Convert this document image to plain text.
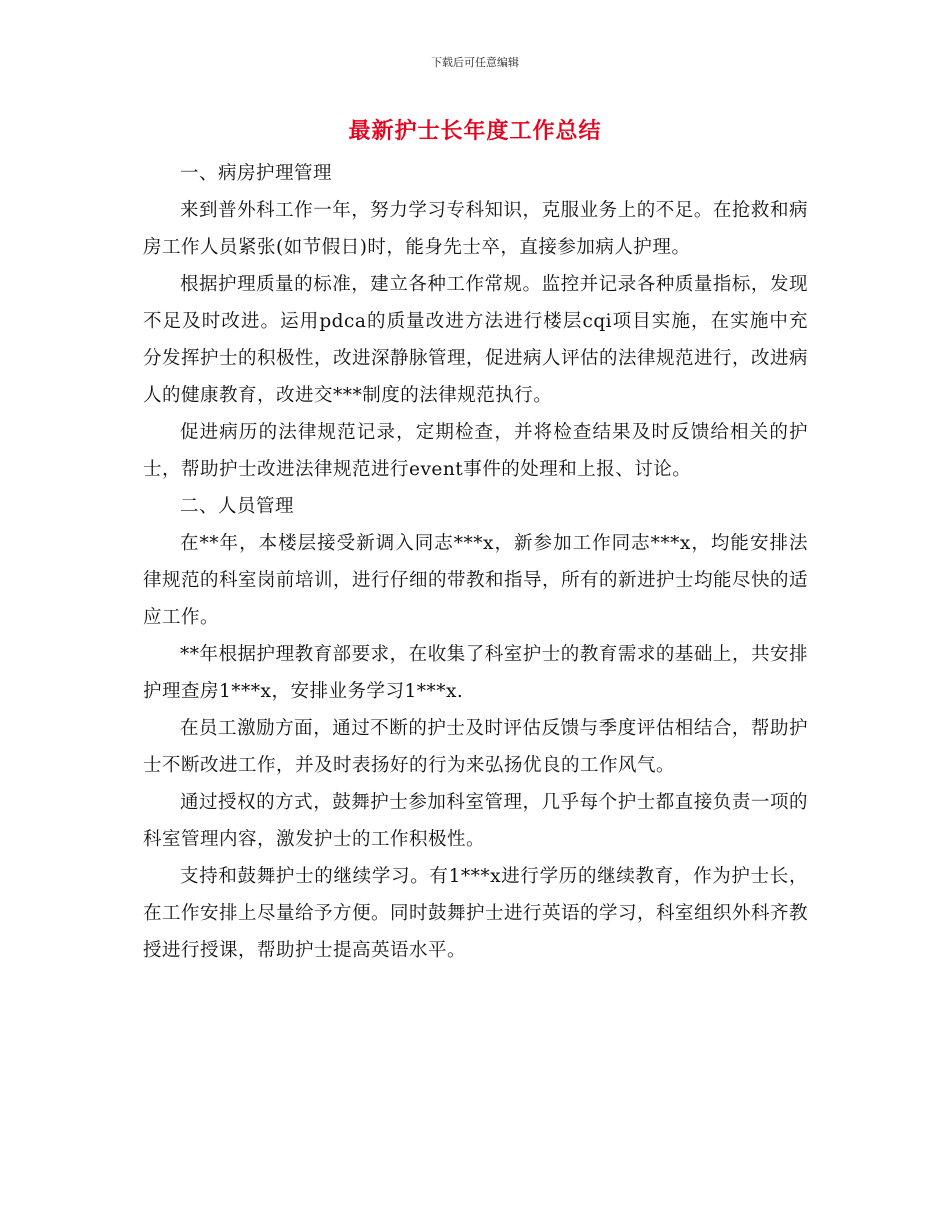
下载后可任意编辑
最新护士长年度工作总结

一、病房护理管理

来到普外科工作一年，努力学习专科知识，克服业务上的不足。在抢救和病房工作人员紧张(如节假日)时，能身先士卒，直接参加病人护理。

根据护理质量的标准，建立各种工作常规。监控并记录各种质量指标，发现不足及时改进。运用pdca的质量改进方法进行楼层cqi项目实施，在实施中充分发挥护士的积极性，改进深静脉管理，促进病人评估的法律规范进行，改进病人的健康教育，改进交***制度的法律规范执行。

促进病历的法律规范记录，定期检查，并将检查结果及时反馈给相关的护士，帮助护士改进法律规范进行event事件的处理和上报、讨论。

二、人员管理

在**年，本楼层接受新调入同志***x，新参加工作同志***x，均能安排法律规范的科室岗前培训，进行仔细的带教和指导，所有的新进护士均能尽快的适应工作。

**年根据护理教育部要求，在收集了科室护士的教育需求的基础上，共安排护理查房1***x，安排业务学习1***x.

在员工激励方面，通过不断的护士及时评估反馈与季度评估相结合，帮助护士不断改进工作，并及时表扬好的行为来弘扬优良的工作风气。

通过授权的方式，鼓舞护士参加科室管理，几乎每个护士都直接负责一项的科室管理内容，激发护士的工作积极性。

支持和鼓舞护士的继续学习。有1***x进行学历的继续教育，作为护士长，在工作安排上尽量给予方便。同时鼓舞护士进行英语的学习，科室组织外科齐教授进行授课，帮助护士提高英语水平。
